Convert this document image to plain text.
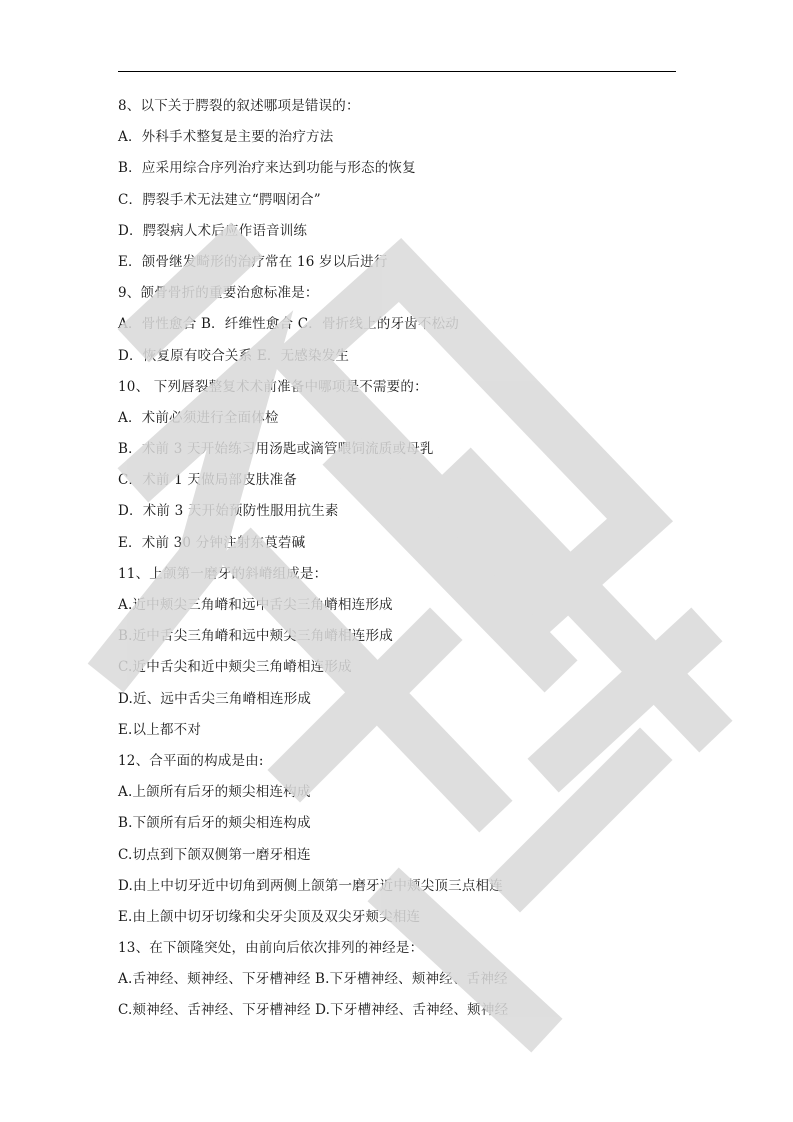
8、以下关于腭裂的叙述哪项是错误的：
A．外科手术整复是主要的治疗方法
B．应采用综合序列治疗来达到功能与形态的恢复
C．腭裂手术无法建立“腭咽闭合”
D．腭裂病人术后应作语音训练
E．颌骨继发畸形的治疗常在 16 岁以后进行
9、颌骨骨折的重要治愈标准是：
A．骨性愈合 B．纤维性愈合 C．骨折线上的牙齿不松动
D．恢复原有咬合关系 E．无感染发生
10、 下列唇裂整复术术前准备中哪项是不需要的：
A．术前必须进行全面体检
B．术前 3 天开始练习用汤匙或滴管喂饲流质或母乳
C．术前 1 天做局部皮肤准备
D．术前 3 天开始预防性服用抗生素
E．术前 30 分钟注射东莨菪碱
11、上颌第一磨牙的斜嵴组成是：
A.近中颊尖三角嵴和远中舌尖三角嵴相连形成
B.近中舌尖三角嵴和远中颊尖三角嵴相连形成
C.近中舌尖和近中颊尖三角嵴相连形成
D.近、远中舌尖三角嵴相连形成
E.以上都不对
12、合平面的构成是由:
A.上颌所有后牙的颊尖相连构成
B.下颌所有后牙的颊尖相连构成
C.切点到下颌双侧第一磨牙相连
D.由上中切牙近中切角到两侧上颌第一磨牙近中颊尖顶三点相连
E.由上颌中切牙切缘和尖牙尖顶及双尖牙颊尖相连
13、在下颌隆突处，由前向后依次排列的神经是：
A.舌神经、颊神经、下牙槽神经 B.下牙槽神经、颊神经、舌神经
C.颊神经、舌神经、下牙槽神经 D.下牙槽神经、舌神经、颊神经
